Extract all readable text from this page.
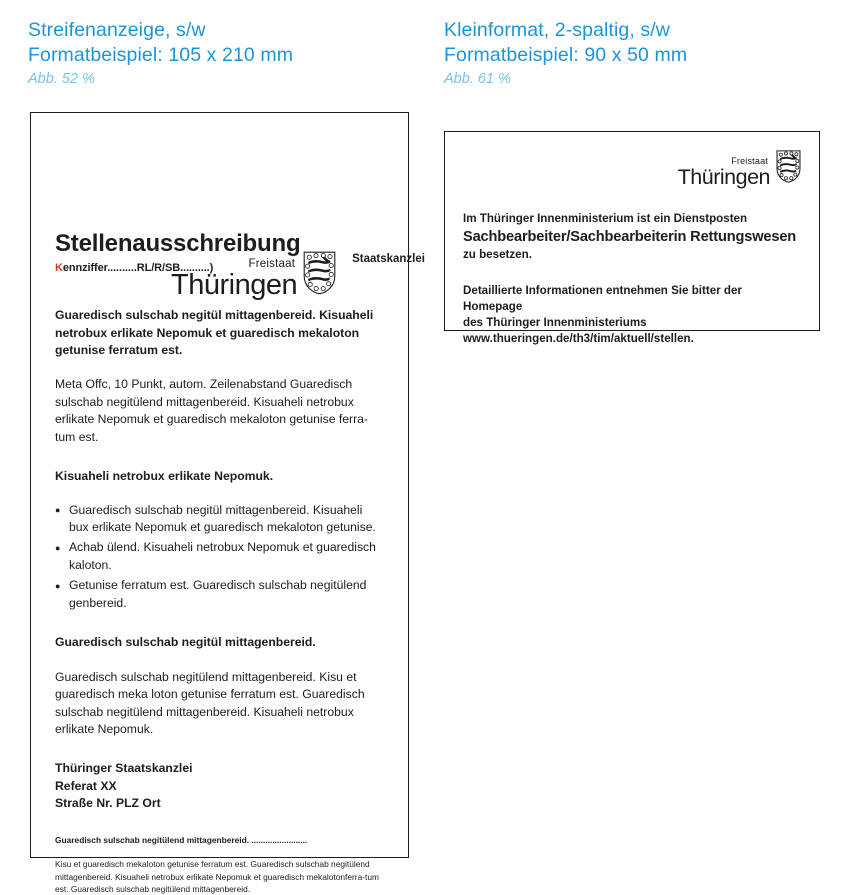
Streifenanzeige, s/w
Formatbeispiel: 105 x 210 mm
Abb. 52 %
Kleinformat, 2-spaltig, s/w
Formatbeispiel: 90 x 50 mm
Abb. 61 %
Freistaat
Thüringen
Staatskanzlei
Stellenausschreibung
Kennziffer..........RL/R/SB..........)
Guaredisch sulschab negitül mittagenbereid. Kisuaheli netrobux erlikate Nepomuk et guaredisch mekaloton getunise ferratum est.
Meta Offc, 10 Punkt, autom. Zeilenabstand Guaredisch sulschab negitülend mittagenbereid. Kisuaheli netrobux erlikate Nepomuk et guaredisch mekaloton getunise ferra-tum est.
Kisuaheli netrobux erlikate Nepomuk.
● Guaredisch sulschab negitül mittagenbereid. Kisuaheli bux erlikate Nepomuk et guaredisch mekaloton getunise.
● Achab ülend. Kisuaheli netrobux Nepomuk et guaredisch kaloton.
● Getunise ferratum est. Guaredisch sulschab negitülend genbereid.
Guaredisch sulschab negitül mittagenbereid.
Guaredisch sulschab negitülend mittagenbereid. Kisu et guaredisch meka loton getunise ferratum est. Guaredisch sulschab negitülend mittagenbereid. Kisuaheli netrobux erlikate Nepomuk.
Thüringer Staatskanzlei
Referat XX
Straße Nr. PLZ Ort
Guaredisch sulschab negitülend mittagenbereid. ........................
Kisu et guaredisch mekaloton getunise ferratum est. Guaredisch sulschab negitülend mittagenbereid. Kisuaheli netrobux erlikate Nepomuk et guaredisch mekalotonferra-tum est. Guaredisch sulschab negitülend mittagenbereid.
Freistaat
Thüringen
Im Thüringer Innenministerium ist ein Dienstposten
Sachbearbeiter/Sachbearbeiterin Rettungswesen
zu besetzen.
Detaillierte Informationen entnehmen Sie bitter der Homepage
des Thüringer Innenministeriums
www.thueringen.de/th3/tim/aktuell/stellen.
